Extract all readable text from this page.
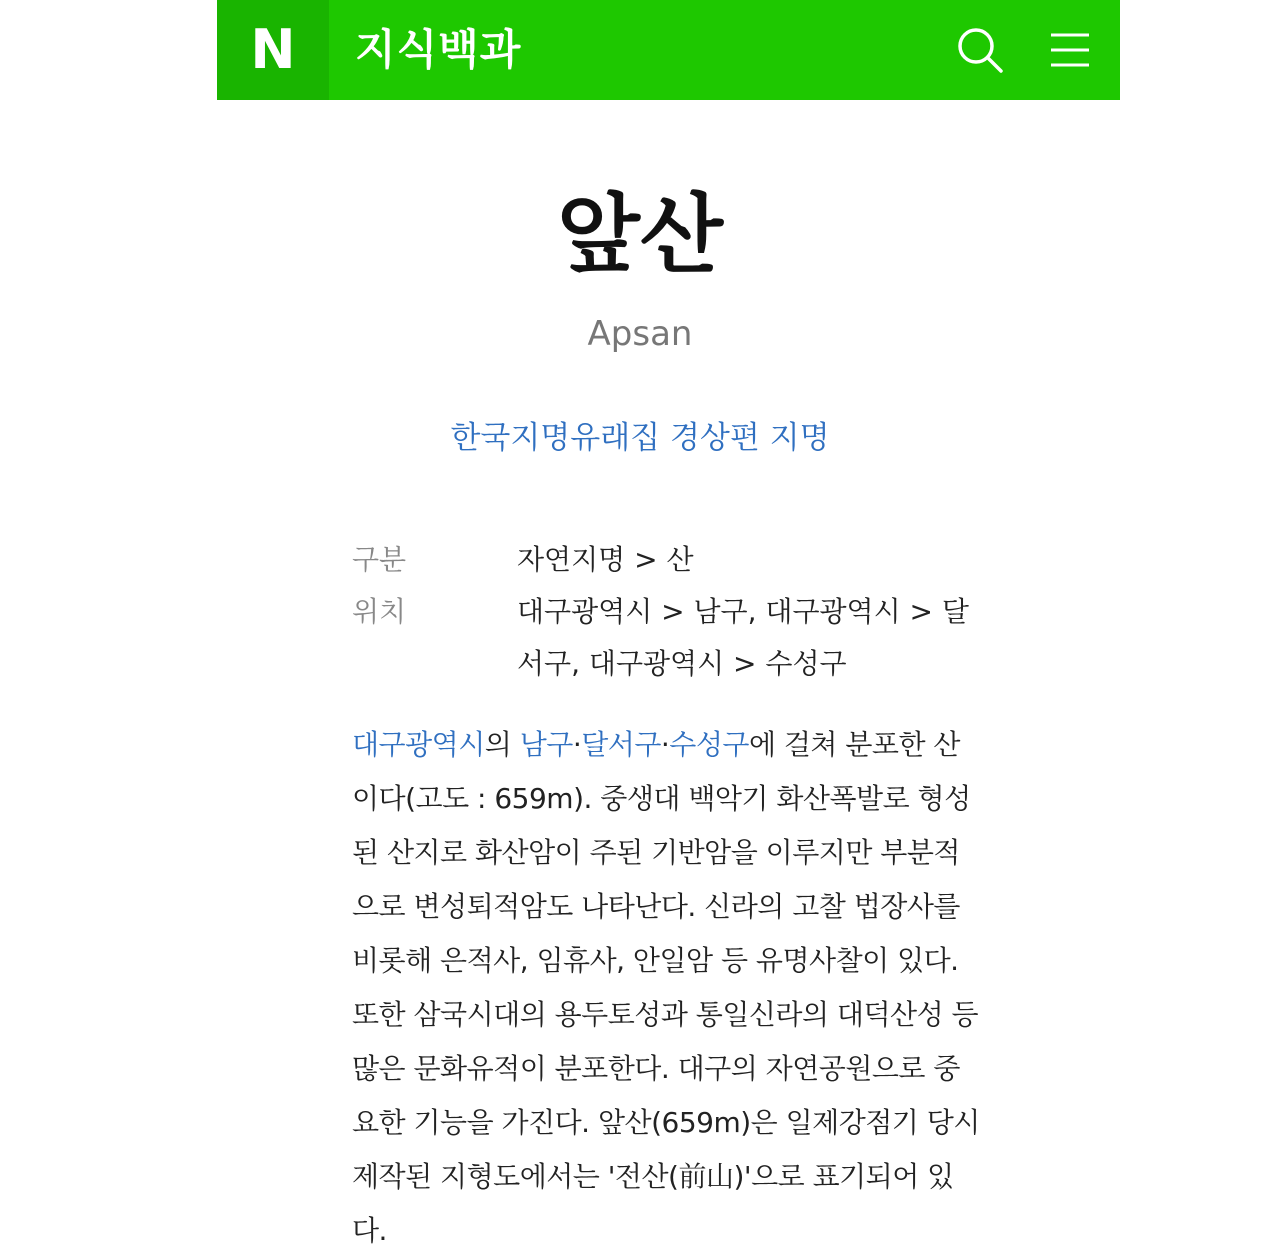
N 지식백과
앞산
Apsan
한국지명유래집 경상편 지명
구분	자연지명 > 산
위치	대구광역시 > 남구, 대구광역시 > 달서구, 대구광역시 > 수성구
대구광역시의 남구·달서구·수성구에 걸쳐 분포한 산이다(고도 : 659m). 중생대 백악기 화산폭발로 형성된 산지로 화산암이 주된 기반암을 이루지만 부분적으로 변성퇴적암도 나타난다. 신라의 고찰 법장사를 비롯해 은적사, 임휴사, 안일암 등 유명사찰이 있다. 또한 삼국시대의 용두토성과 통일신라의 대덕산성 등 많은 문화유적이 분포한다. 대구의 자연공원으로 중요한 기능을 가진다. 앞산(659m)은 일제강점기 당시 제작된 지형도에서는 '전산(前山)'으로 표기되어 있다.
